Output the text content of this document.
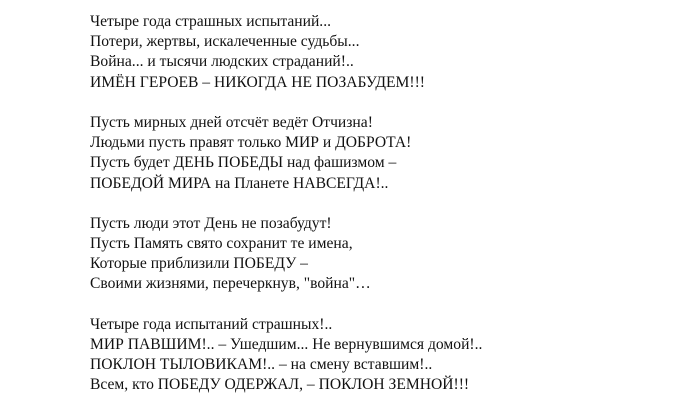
Четыре года страшных испытаний...
Потери, жертвы, искалеченные судьбы...
Война... и тысячи людских страданий!..
ИМЁН ГЕРОЕВ – НИКОГДА НЕ ПОЗАБУДЕМ!!!
Пусть мирных дней отсчёт ведёт Отчизна!
Людьми пусть правят только МИР и ДОБРОТА!
Пусть будет ДЕНЬ ПОБЕДЫ над фашизмом –
ПОБЕДОЙ МИРА на Планете НАВСЕГДА!..
Пусть люди этот День не позабудут!
Пусть Память свято сохранит те имена,
Которые приблизили ПОБЕДУ –
Своими жизнями, перечеркнув, "война"…
Четыре года испытаний страшных!..
МИР ПАВШИМ!.. – Ушедшим... Не вернувшимся домой!..
ПОКЛОН ТЫЛОВИКАМ!.. – на смену вставшим!..
Всем, кто ПОБЕДУ ОДЕРЖАЛ, – ПОКЛОН ЗЕМНОЙ!!!
